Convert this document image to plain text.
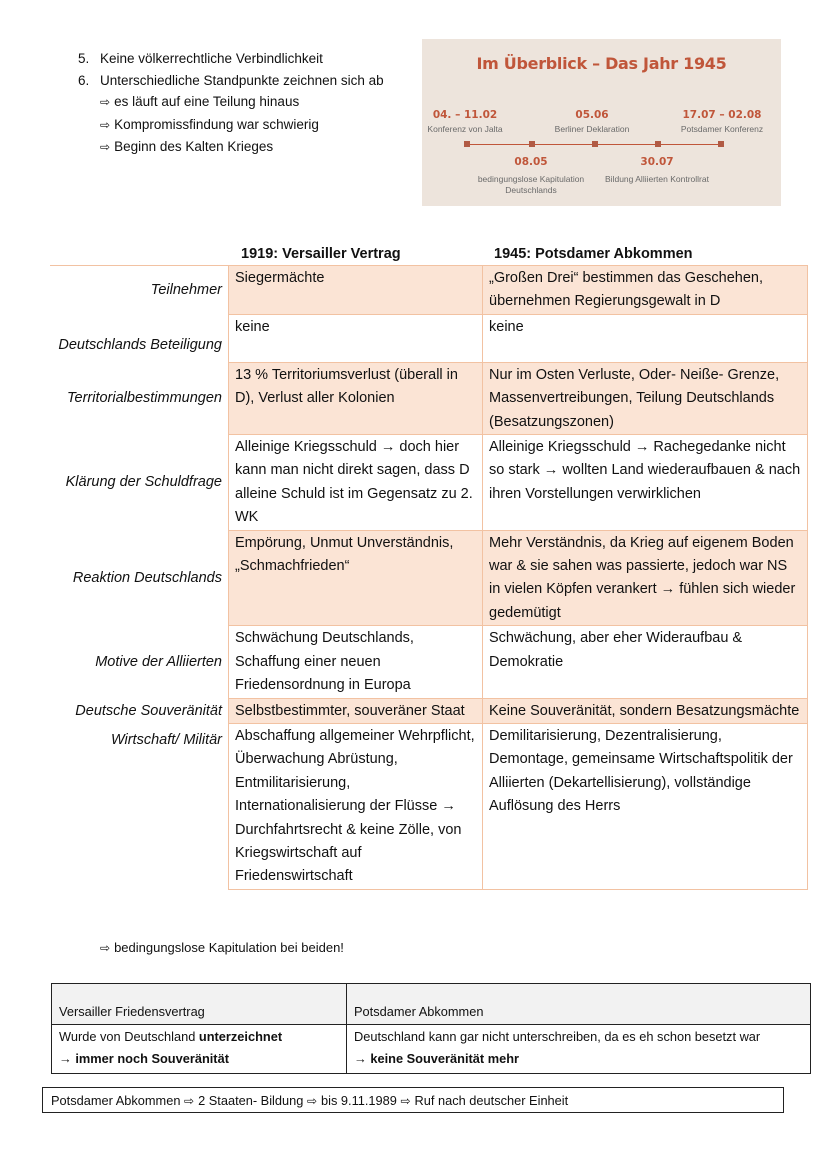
5. Keine völkerrechtliche Verbindlichkeit
6. Unterschiedliche Standpunkte zeichnen sich ab
⇨ es läuft auf eine Teilung hinaus
⇨ Kompromissfindung war schwierig
⇨ Beginn des Kalten Krieges
Im Überblick – Das Jahr 1945
04. – 11.02
Konferenz von Jalta
05.06
Berliner Deklaration
17.07 – 02.08
Potsdamer Konferenz
08.05
bedingungslose Kapitulation Deutschlands
30.07
Bildung Alliierten Kontrollrat
1919: Versailler Vertrag	1945: Potsdamer Abkommen
Teilnehmer	Siegermächte	„Großen Drei“ bestimmen das Geschehen, übernehmen Regierungsgewalt in D
Deutschlands Beteiligung	keine	keine
Territorialbestimmungen	13 % Territoriumsverlust (überall in D), Verlust aller Kolonien	Nur im Osten Verluste, Oder- Neiße- Grenze, Massenvertreibungen, Teilung Deutschlands (Besatzungszonen)
Klärung der Schuldfrage	Alleinige Kriegsschuld → doch hier kann man nicht direkt sagen, dass D alleine Schuld ist im Gegensatz zu 2. WK	Alleinige Kriegsschuld → Rachegedanke nicht so stark → wollten Land wiederaufbauen & nach ihren Vorstellungen verwirklichen
Reaktion Deutschlands	Empörung, Unmut Unverständnis, „Schmachfrieden“	Mehr Verständnis, da Krieg auf eigenem Boden war & sie sahen was passierte, jedoch war NS in vielen Köpfen verankert → fühlen sich wieder gedemütigt
Motive der Alliierten	Schwächung Deutschlands, Schaffung einer neuen Friedensordnung in Europa	Schwächung, aber eher Wideraufbau & Demokratie
Deutsche Souveränität	Selbstbestimmter, souveräner Staat	Keine Souveränität, sondern Besatzungsmächte
Wirtschaft/ Militär	Abschaffung allgemeiner Wehrpflicht, Überwachung Abrüstung, Entmilitarisierung, Internationalisierung der Flüsse → Durchfahrtsrecht & keine Zölle, von Kriegswirtschaft auf Friedenswirtschaft	Demilitarisierung, Dezentralisierung, Demontage, gemeinsame Wirtschaftspolitik der Alliierten (Dekartellisierung), vollständige Auflösung des Herrs
⇨ bedingungslose Kapitulation bei beiden!
Versailler Friedensvertrag	Potsdamer Abkommen
Wurde von Deutschland unterzeichnet
→ immer noch Souveränität	Deutschland kann gar nicht unterschreiben, da es eh schon besetzt war
→ keine Souveränität mehr
Potsdamer Abkommen ⇨ 2 Staaten- Bildung ⇨ bis 9.11.1989 ⇨ Ruf nach deutscher Einheit
